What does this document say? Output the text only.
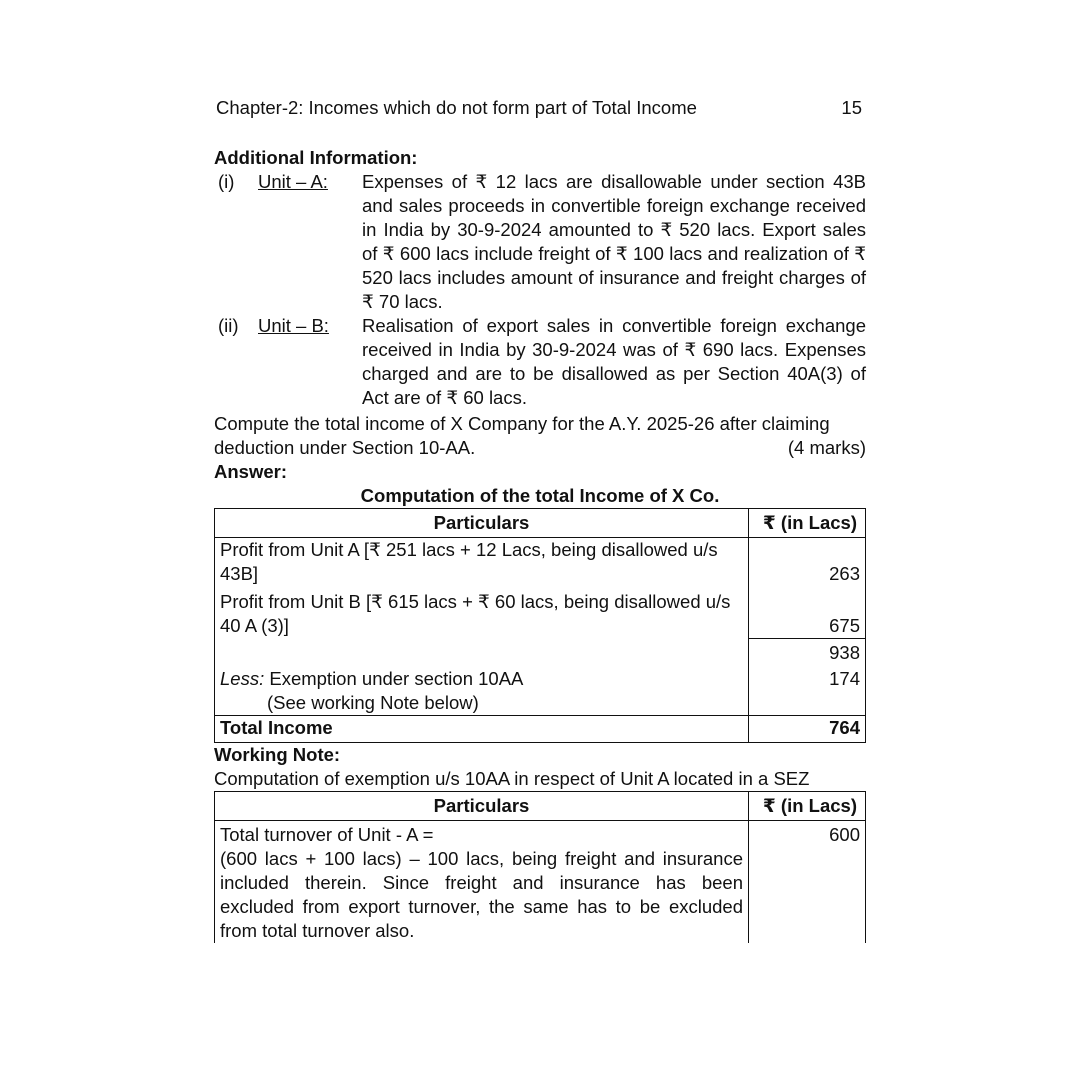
Chapter-2: Incomes which do not form part of Total Income	15
Additional Information:
(i)	Unit – A:	Expenses of ₹ 12 lacs are disallowable under section 43B and sales proceeds in convertible foreign exchange received in India by 30-9-2024 amounted to ₹ 520 lacs. Export sales of ₹ 600 lacs include freight of ₹ 100 lacs and realization of ₹ 520 lacs includes amount of insurance and freight charges of ₹ 70 lacs.
(ii)	Unit – B:	Realisation of export sales in convertible foreign exchange received in India by 30-9-2024 was of ₹ 690 lacs. Expenses charged and are to be disallowed as per Section 40A(3) of Act are of ₹ 60 lacs.
Compute the total income of X Company for the A.Y. 2025-26 after claiming
deduction under Section 10-AA.	(4 marks)
Answer:
Computation of the total Income of X Co.
Particulars	₹ (in Lacs)
Profit from Unit A [₹ 251 lacs + 12 Lacs, being disallowed u/s 43B]	263
Profit from Unit B [₹ 615 lacs + ₹ 60 lacs, being disallowed u/s 40 A (3)]	675
	938

Less: Exemption under section 10AA
(See working Note below)	174
Total Income	764
Working Note:
Computation of exemption u/s 10AA in respect of Unit A located in a SEZ
Particulars	₹ (in Lacs)

Total turnover of Unit - A =
(600 lacs + 100 lacs) – 100 lacs, being freight and insurance included therein. Since freight and insurance has been excluded from export turnover, the same has to be excluded from total turnover also.	600
